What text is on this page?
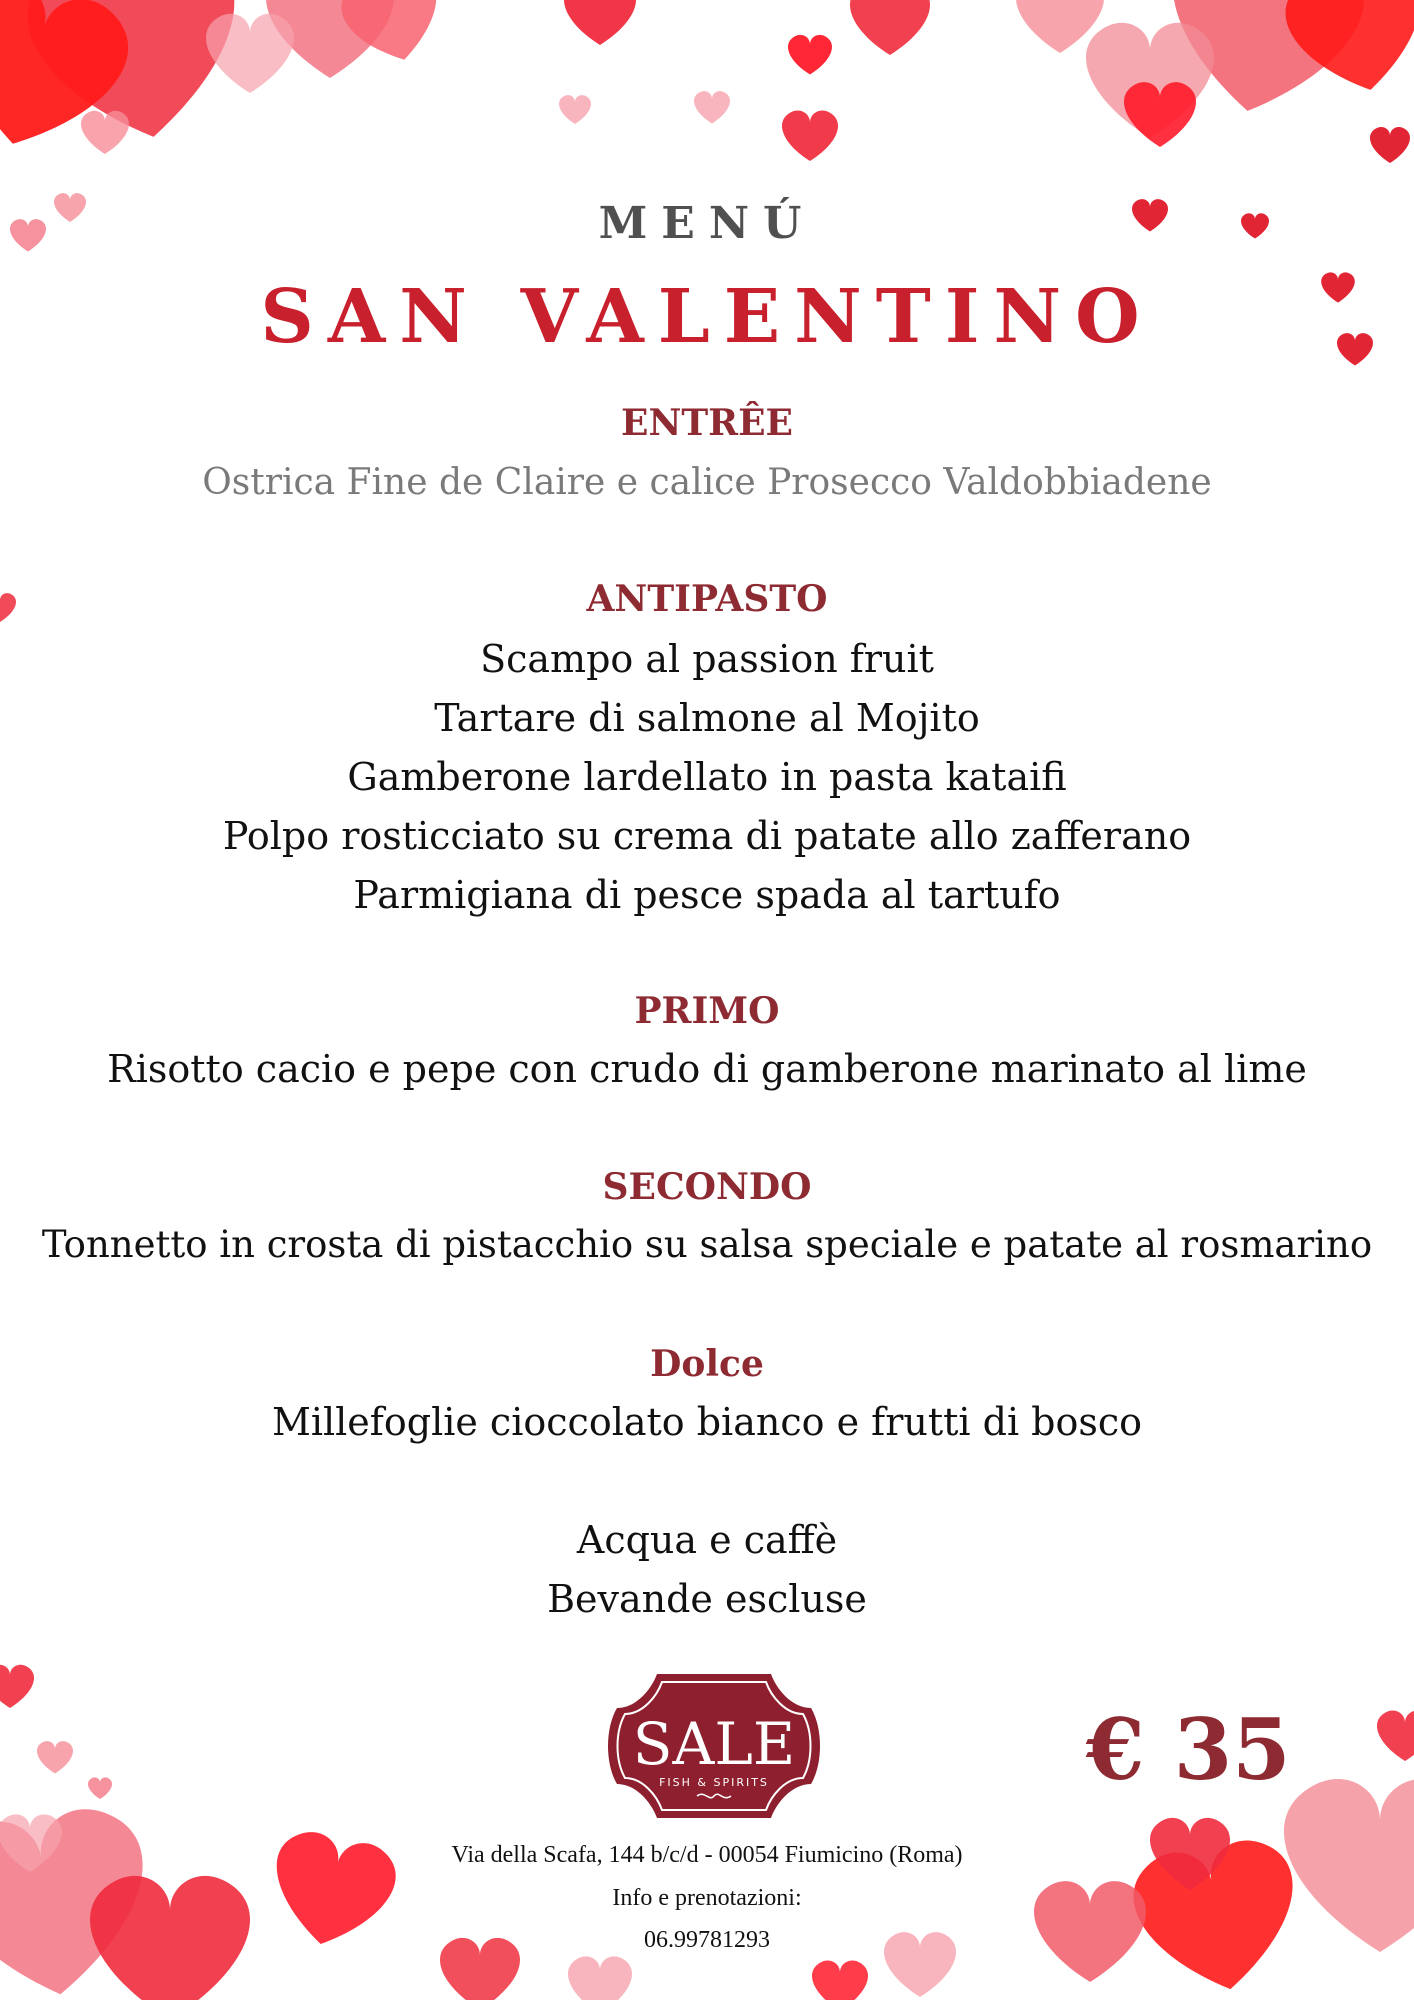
MENÚ
SAN VALENTINO
ENTRÊE
Ostrica Fine de Claire e calice Prosecco Valdobbiadene
ANTIPASTO
Scampo al passion fruit
Tartare di salmone al Mojito
Gamberone lardellato in pasta kataifi
Polpo rosticciato su crema di patate allo zafferano
Parmigiana di pesce spada al tartufo
PRIMO
Risotto cacio e pepe con crudo di gamberone marinato al lime
SECONDO
Tonnetto in crosta di pistacchio su salsa speciale e patate al rosmarino
Dolce
Millefoglie cioccolato bianco e frutti di bosco
Acqua e caffè
Bevande escluse
SALE
FISH & SPIRITS	€ 35
Via della Scafa, 144 b/c/d - 00054 Fiumicino (Roma)
Info e prenotazioni:
06.99781293
